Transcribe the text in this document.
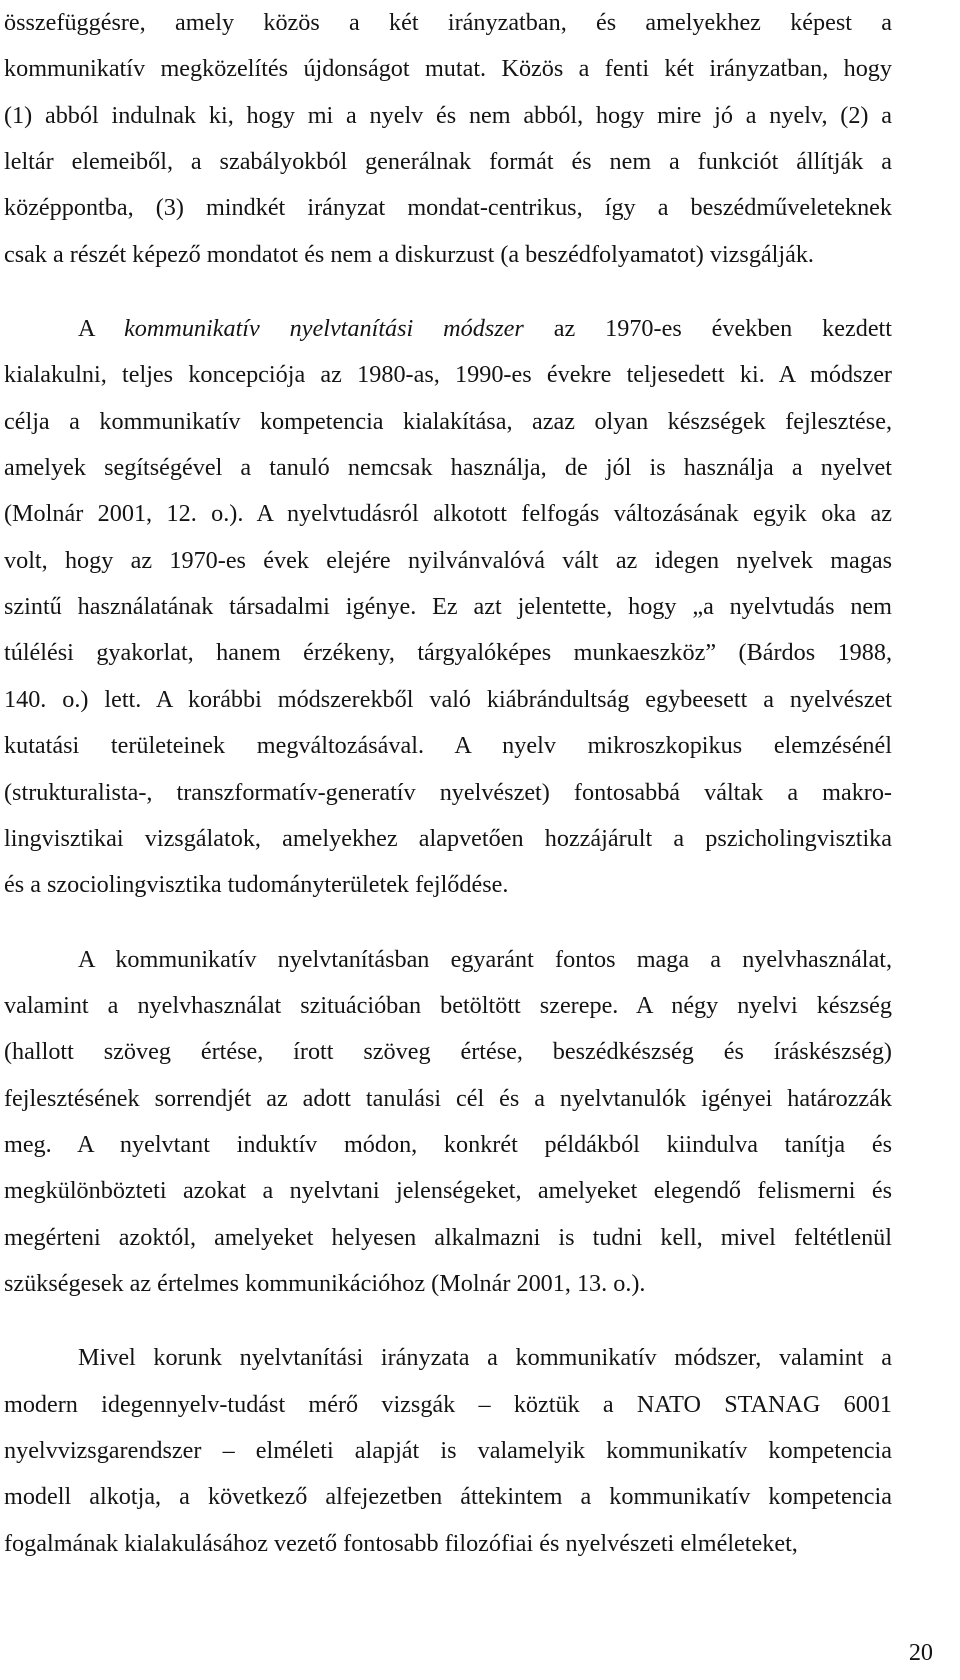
összefüggésre, amely közös a két irányzatban, és amelyekhez képest a
kommunikatív megközelítés újdonságot mutat. Közös a fenti két irányzatban, hogy
(1) abból indulnak ki, hogy mi a nyelv és nem abból, hogy mire jó a nyelv, (2) a
leltár elemeiből, a szabályokból generálnak formát és nem a funkciót állítják a
középpontba, (3) mindkét irányzat mondat-centrikus, így a beszédműveleteknek
csak a részét képező mondatot és nem a diskurzust (a beszédfolyamatot) vizsgálják.
A kommunikatív nyelvtanítási módszer az 1970-es években kezdett
kialakulni, teljes koncepciója az 1980-as, 1990-es évekre teljesedett ki. A módszer
célja a kommunikatív kompetencia kialakítása, azaz olyan készségek fejlesztése,
amelyek segítségével a tanuló nemcsak használja, de jól is használja a nyelvet
(Molnár 2001, 12. o.). A nyelvtudásról alkotott felfogás változásának egyik oka az
volt, hogy az 1970-es évek elejére nyilvánvalóvá vált az idegen nyelvek magas
szintű használatának társadalmi igénye. Ez azt jelentette, hogy „a nyelvtudás nem
túlélési gyakorlat, hanem érzékeny, tárgyalóképes munkaeszköz” (Bárdos 1988,
140. o.) lett. A korábbi módszerekből való kiábrándultság egybeesett a nyelvészet
kutatási területeinek megváltozásával. A nyelv mikroszkopikus elemzésénél
(strukturalista-, transzformatív-generatív nyelvészet) fontosabbá váltak a makro-
lingvisztikai vizsgálatok, amelyekhez alapvetően hozzájárult a pszicholingvisztika
és a szociolingvisztika tudományterületek fejlődése.
A kommunikatív nyelvtanításban egyaránt fontos maga a nyelvhasználat,
valamint a nyelvhasználat szituációban betöltött szerepe. A négy nyelvi készség
(hallott szöveg értése, írott szöveg értése, beszédkészség és íráskészség)
fejlesztésének sorrendjét az adott tanulási cél és a nyelvtanulók igényei határozzák
meg. A nyelvtant induktív módon, konkrét példákból kiindulva tanítja és
megkülönbözteti azokat a nyelvtani jelenségeket, amelyeket elegendő felismerni és
megérteni azoktól, amelyeket helyesen alkalmazni is tudni kell, mivel feltétlenül
szükségesek az értelmes kommunikációhoz (Molnár 2001, 13. o.).
Mivel korunk nyelvtanítási irányzata a kommunikatív módszer, valamint a
modern idegennyelv-tudást mérő vizsgák – köztük a NATO STANAG 6001
nyelvvizsgarendszer – elméleti alapját is valamelyik kommunikatív kompetencia
modell alkotja, a következő alfejezetben áttekintem a kommunikatív kompetencia
fogalmának kialakulásához vezető fontosabb filozófiai és nyelvészeti elméleteket,
20
